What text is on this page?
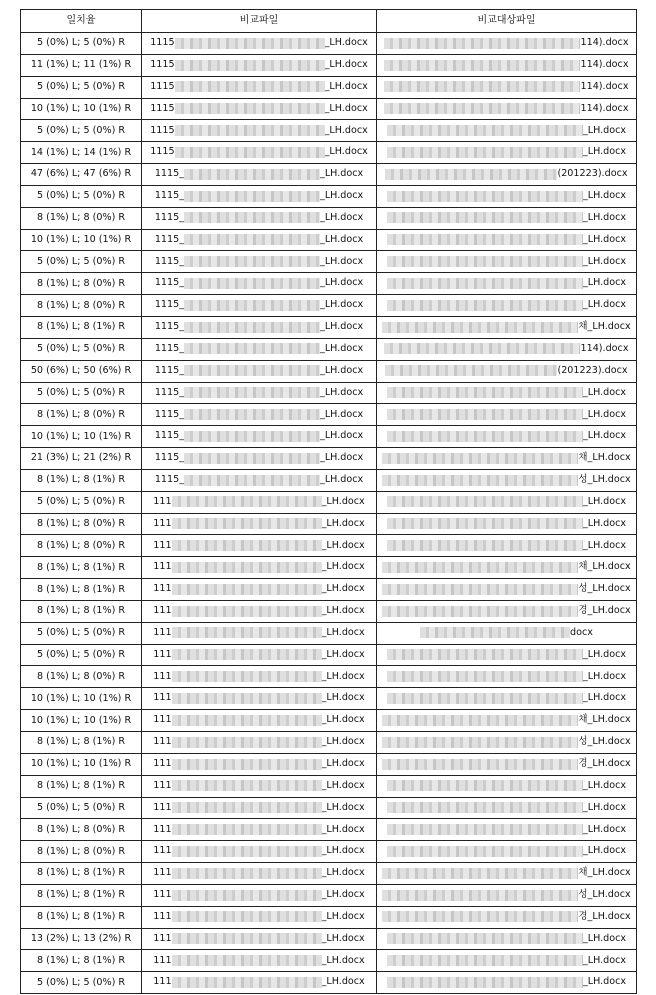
일치율	비교파일	비교대상파일
5 (0%) L; 5 (0%) R	1115 _LH.docx	114).docx
11 (1%) L; 11 (1%) R	1115 _LH.docx	114).docx
5 (0%) L; 5 (0%) R	1115 _LH.docx	114).docx
10 (1%) L; 10 (1%) R	1115 _LH.docx	114).docx
5 (0%) L; 5 (0%) R	1115 _LH.docx	_LH.docx
14 (1%) L; 14 (1%) R	1115 _LH.docx	_LH.docx
47 (6%) L; 47 (6%) R	1115_ _LH.docx	(201223).docx
5 (0%) L; 5 (0%) R	1115_ _LH.docx	_LH.docx
8 (1%) L; 8 (0%) R	1115_ _LH.docx	_LH.docx
10 (1%) L; 10 (1%) R	1115_ _LH.docx	_LH.docx
5 (0%) L; 5 (0%) R	1115_ _LH.docx	_LH.docx
8 (1%) L; 8 (0%) R	1115_ _LH.docx	_LH.docx
8 (1%) L; 8 (0%) R	1115_ _LH.docx	_LH.docx
8 (1%) L; 8 (1%) R	1115_ _LH.docx	채_LH.docx
5 (0%) L; 5 (0%) R	1115_ _LH.docx	114).docx
50 (6%) L; 50 (6%) R	1115_ _LH.docx	(201223).docx
5 (0%) L; 5 (0%) R	1115_ _LH.docx	_LH.docx
8 (1%) L; 8 (0%) R	1115_ _LH.docx	_LH.docx
10 (1%) L; 10 (1%) R	1115_ _LH.docx	_LH.docx
21 (3%) L; 21 (2%) R	1115_ _LH.docx	채_LH.docx
8 (1%) L; 8 (1%) R	1115_ _LH.docx	성_LH.docx
5 (0%) L; 5 (0%) R	111 _LH.docx	_LH.docx
8 (1%) L; 8 (0%) R	111 _LH.docx	_LH.docx
8 (1%) L; 8 (0%) R	111 _LH.docx	_LH.docx
8 (1%) L; 8 (1%) R	111 _LH.docx	채_LH.docx
8 (1%) L; 8 (1%) R	111 _LH.docx	성_LH.docx
8 (1%) L; 8 (1%) R	111 _LH.docx	경_LH.docx
5 (0%) L; 5 (0%) R	111 _LH.docx	docx
5 (0%) L; 5 (0%) R	111 _LH.docx	_LH.docx
8 (1%) L; 8 (0%) R	111 _LH.docx	_LH.docx
10 (1%) L; 10 (1%) R	111 _LH.docx	_LH.docx
10 (1%) L; 10 (1%) R	111 _LH.docx	채_LH.docx
8 (1%) L; 8 (1%) R	111 _LH.docx	성_LH.docx
10 (1%) L; 10 (1%) R	111 _LH.docx	경_LH.docx
8 (1%) L; 8 (1%) R	111 _LH.docx	_LH.docx
5 (0%) L; 5 (0%) R	111 _LH.docx	_LH.docx
8 (1%) L; 8 (0%) R	111 _LH.docx	_LH.docx
8 (1%) L; 8 (0%) R	111 _LH.docx	_LH.docx
8 (1%) L; 8 (1%) R	111 _LH.docx	채_LH.docx
8 (1%) L; 8 (1%) R	111 _LH.docx	성_LH.docx
8 (1%) L; 8 (1%) R	111 _LH.docx	경_LH.docx
13 (2%) L; 13 (2%) R	111 _LH.docx	_LH.docx
8 (1%) L; 8 (1%) R	111 _LH.docx	_LH.docx
5 (0%) L; 5 (0%) R	111 _LH.docx	_LH.docx
